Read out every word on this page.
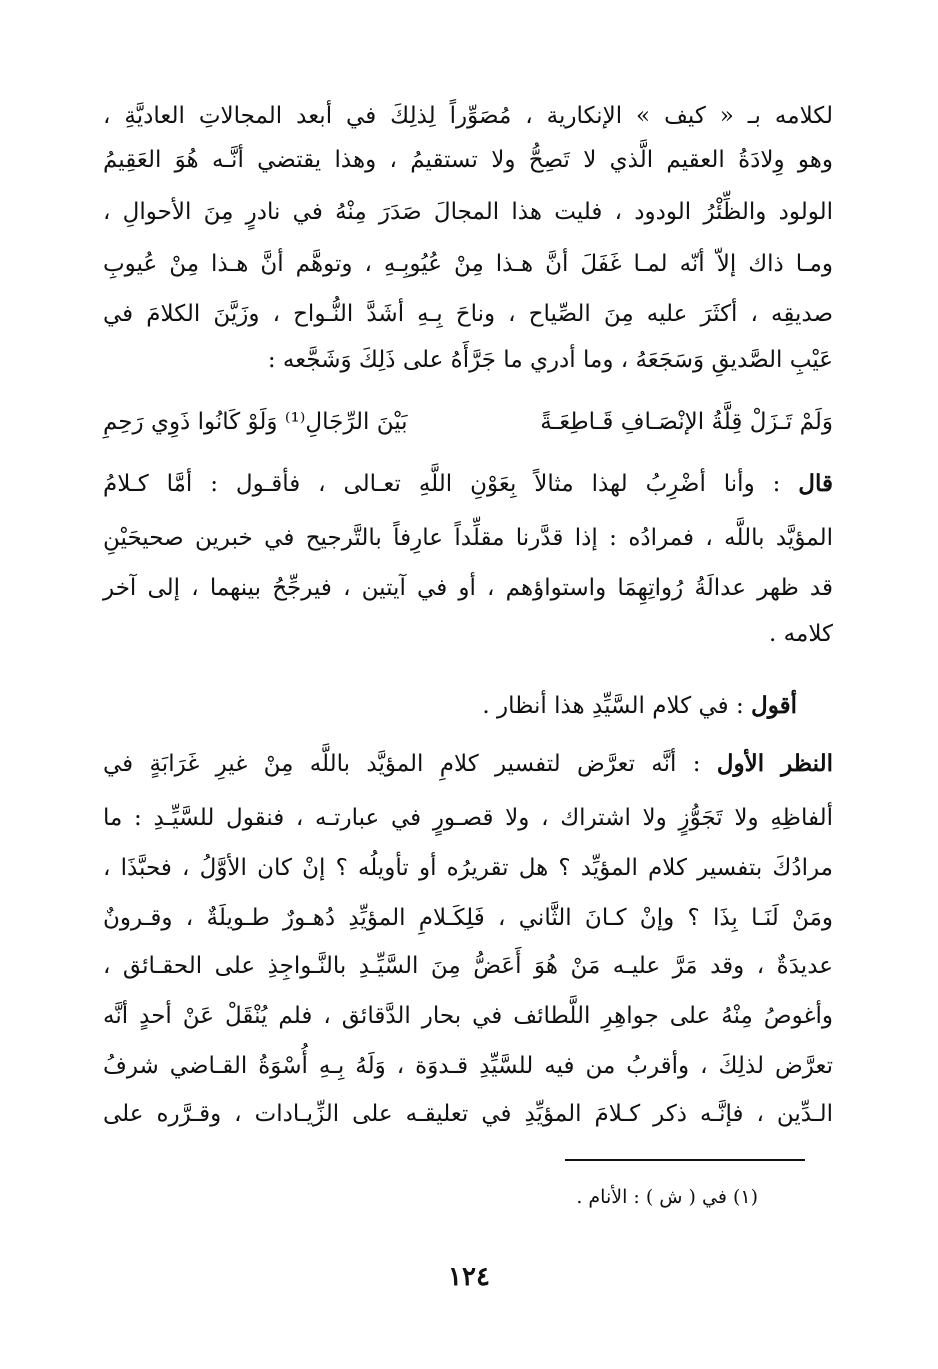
لكلامه بـ « كيف » الإنكارية ، مُصَوِّراً لِذلِكَ في أبعد المجالاتِ العاديَّةِ ،
وهو وِلادَةُ العقيم الَّذي لا تَصِحُّ ولا تستقيمُ ، وهذا يقتضي أنَّـه هُوَ العَقِيمُ
الولود والظِّئْرُ الودود ، فليت هذا المجالَ صَدَرَ مِنْهُ في نادرٍ مِنَ الأحوالِ ،
ومـا ذاك إلاّ أنّه لمـا غَفَلَ أنَّ هـذا مِنْ عُيُوبِـهِ ، وتوهَّم أنَّ هـذا مِنْ عُيوبِ
صديقِه ، أكثَرَ عليه مِنَ الصِّياح ، وناحَ بِـهِ أشَدَّ النُّـواح ، وزَيَّنَ الكلامَ في
عَيْبِ الصَّديقِ وَسَجَعَهُ ، وما أدري ما جَرَّأَهُ على ذَلِكَ وَشَجَّعه :
وَلَمْ تَـزَلْ قِلَّةُ الإنْصَـافِ قَـاطِعَـةً
بَيْنَ الرِّجَالِ⁽¹⁾ وَلَوْ كَانُوا ذَوِي رَحِمِ
قال : وأنا أضْرِبُ لهذا مثالاً بِعَوْنِ اللَّهِ تعـالى ، فأقـول : أمَّا كـلامُ
المؤيَّد باللَّه ، فمرادُه : إذا قدَّرنا مقلِّداً عارِفاً بالتَّرجيح في خبرين صحيحَيْنِ
قد ظهر عدالَةُ رُواتِهِمَا واستواؤهم ، أو في آيتين ، فيرجِّحُ بينهما ، إلى آخر
كلامه .
أقول : في كلام السَّيِّدِ هذا أنظار .
النظر الأول : أنَّه تعرَّض لتفسير كلامِ المؤيَّد باللَّه مِنْ غيرِ غَرَابَةٍ في
ألفاظِهِ ولا تَجَوُّزٍ ولا اشتراك ، ولا قصـورٍ في عبارتـه ، فنقول للسَّيِّـدِ : ما
مرادُكَ بتفسير كلام المؤيِّد ؟ هل تقريرُه أو تأويلُه ؟ إنْ كان الأوَّلُ ، فحبَّذَا ،
ومَنْ لَنَـا بِذَا ؟ وإنْ كـانَ الثَّاني ، فَلِكَـلامِ المؤيِّدِ دُهـورٌ طـويلَةٌ ، وقـرونٌ
عديدَةٌ ، وقد مَرَّ عليـه مَنْ هُوَ أَعَضُّ مِنَ السَّيِّـدِ بالنَّـواجِذِ على الحقـائق ،
وأغوصُ مِنْهُ على جواهِرِ اللَّطائف في بحار الدَّقائق ، فلم يُنْقَلْ عَنْ أحدٍ أنَّه
تعرَّض لذلِكَ ، وأقربُ من فيه للسَّيِّدِ قـدوَة ، وَلَهُ بِـهِ أُسْوَةُ القـاضي شرفُ
الـدِّين ، فإنَّـه ذكر كـلامَ المؤيِّدِ في تعليقـه على الزِّيـادات ، وقـرَّره على
(١) في ( ش ) : الأنام .
١٢٤
